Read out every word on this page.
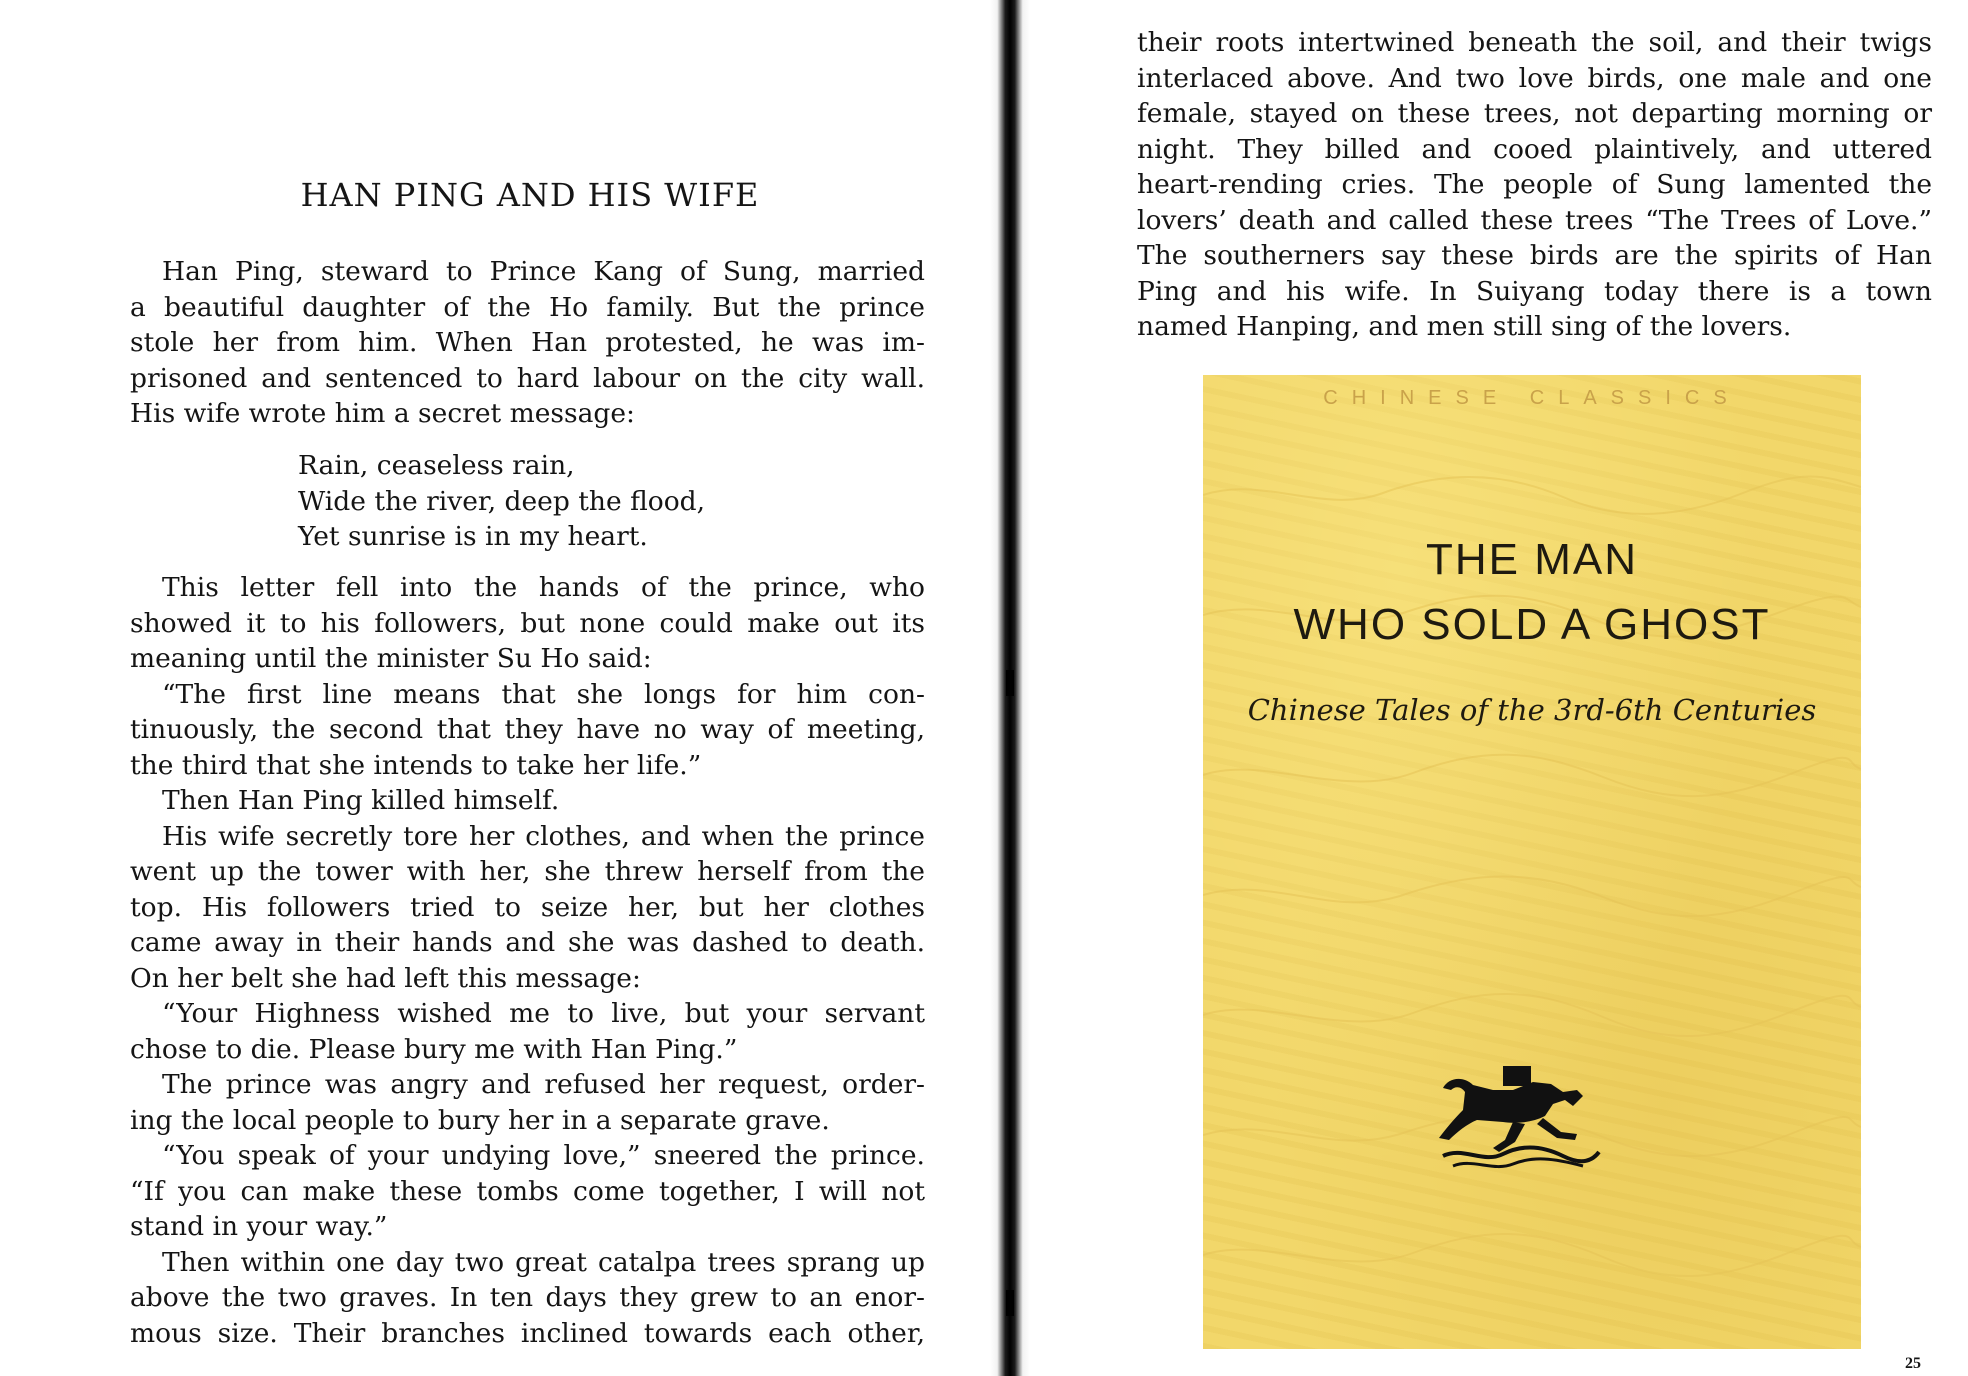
HAN PING AND HIS WIFE
Han Ping, steward to Prince Kang of Sung, married
a beautiful daughter of the Ho family. But the prince
stole her from him. When Han protested, he was im-
prisoned and sentenced to hard labour on the city wall.
His wife wrote him a secret message:
Rain, ceaseless rain,
Wide the river, deep the flood,
Yet sunrise is in my heart.
This letter fell into the hands of the prince, who
showed it to his followers, but none could make out its
meaning until the minister Su Ho said:
“The first line means that she longs for him con-
tinuously, the second that they have no way of meeting,
the third that she intends to take her life.”
Then Han Ping killed himself.
His wife secretly tore her clothes, and when the prince
went up the tower with her, she threw herself from the
top. His followers tried to seize her, but her clothes
came away in their hands and she was dashed to death.
On her belt she had left this message:
“Your Highness wished me to live, but your servant
chose to die. Please bury me with Han Ping.”
The prince was angry and refused her request, order-
ing the local people to bury her in a separate grave.
“You speak of your undying love,” sneered the prince.
“If you can make these tombs come together, I will not
stand in your way.”
Then within one day two great catalpa trees sprang up
above the two graves. In ten days they grew to an enor-
mous size. Their branches inclined towards each other,
their roots intertwined beneath the soil, and their twigs
interlaced above. And two love birds, one male and one
female, stayed on these trees, not departing morning or
night. They billed and cooed plaintively, and uttered
heart-rending cries. The people of Sung lamented the
lovers’ death and called these trees “The Trees of Love.”
The southerners say these birds are the spirits of Han
Ping and his wife. In Suiyang today there is a town
named Hanping, and men still sing of the lovers.

CHINESE CLASSICS

THE MAN
WHO SOLD A GHOST

Chinese Tales of the 3rd-6th Centuries

25
